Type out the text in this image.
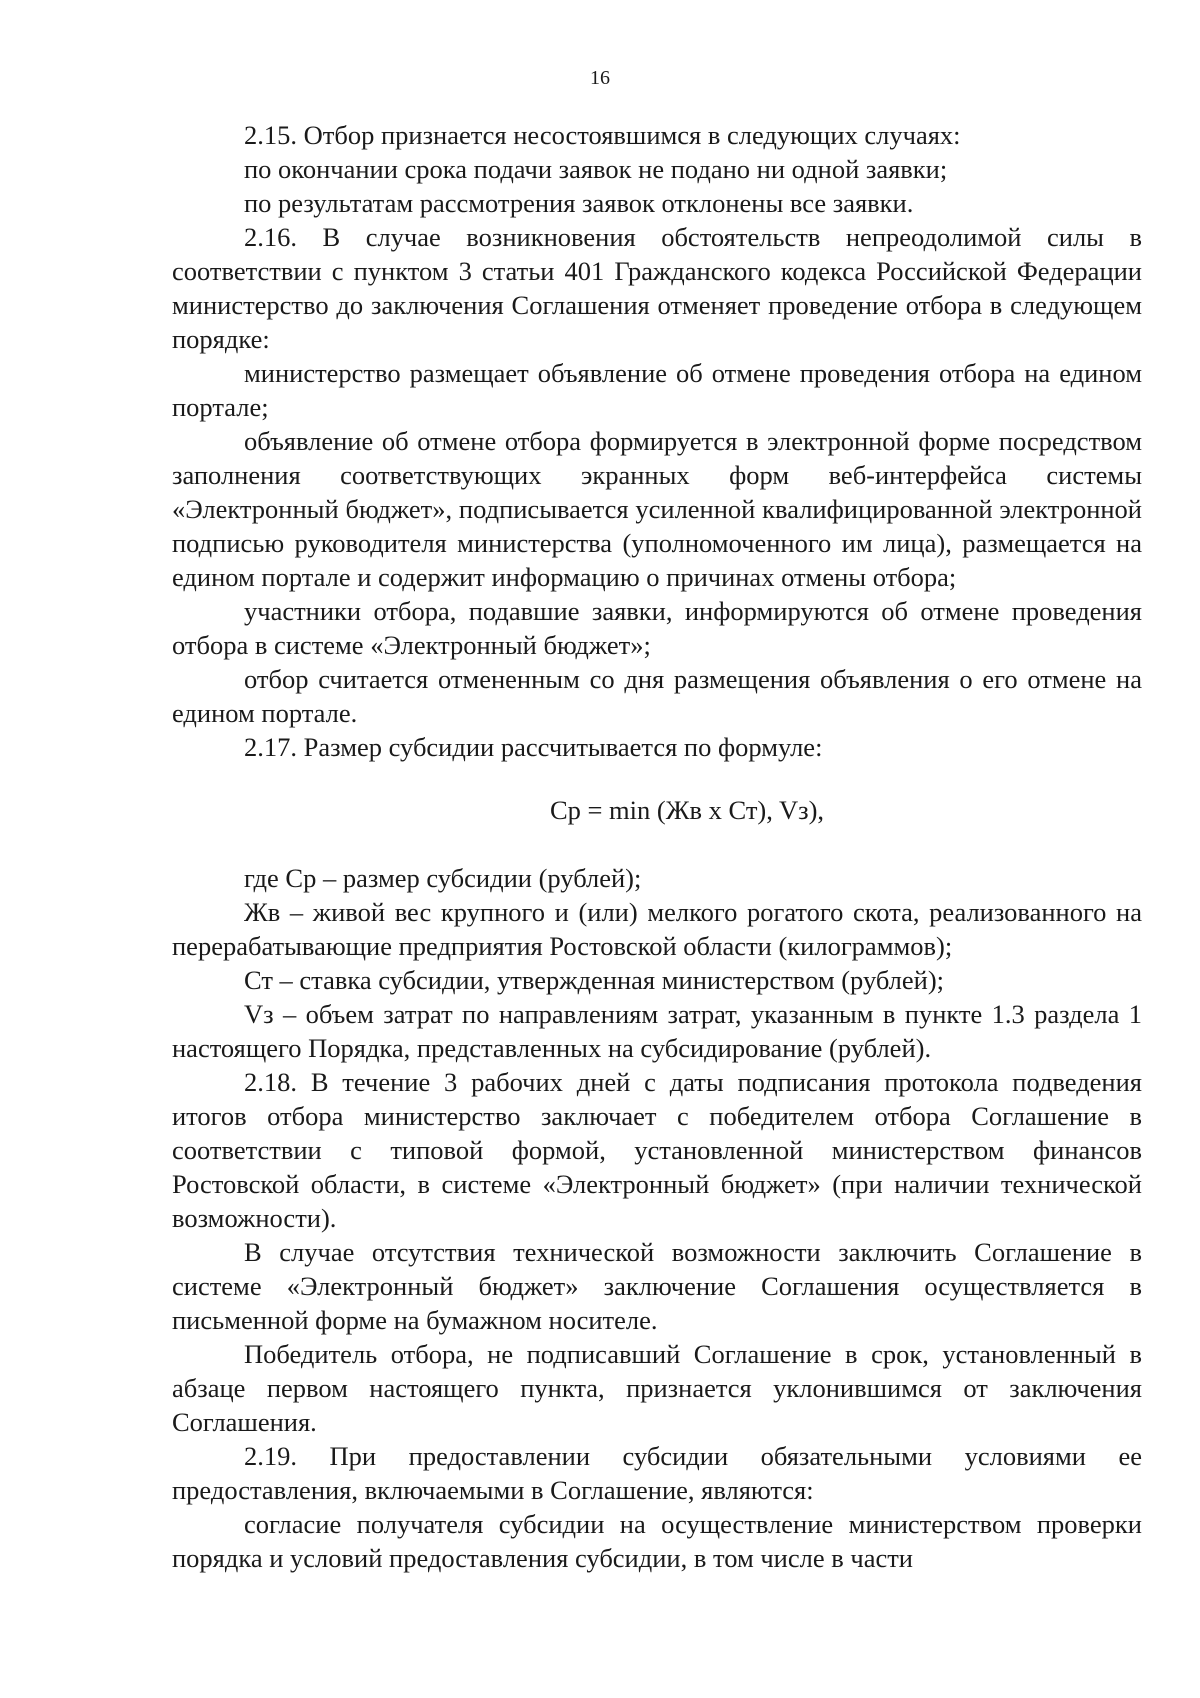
16

2.15. Отбор признается несостоявшимся в следующих случаях:

по окончании срока подачи заявок не подано ни одной заявки;

по результатам рассмотрения заявок отклонены все заявки.

2.16. В случае возникновения обстоятельств непреодолимой силы в соответствии с пунктом 3 статьи 401 Гражданского кодекса Российской Федерации министерство до заключения Соглашения отменяет проведение отбора в следующем порядке:

министерство размещает объявление об отмене проведения отбора на едином портале;

объявление об отмене отбора формируется в электронной форме посредством заполнения соответствующих экранных форм веб-интерфейса системы «Электронный бюджет», подписывается усиленной квалифицированной электронной подписью руководителя министерства (уполномоченного им лица), размещается на едином портале и содержит информацию о причинах отмены отбора;

участники отбора, подавшие заявки, информируются об отмене проведения отбора в системе «Электронный бюджет»;

отбор считается отмененным со дня размещения объявления о его отмене на едином портале.

2.17. Размер субсидии рассчитывается по формуле:

Ср = min (Жв x Ст), Vз),

где Ср – размер субсидии (рублей);

Жв – живой вес крупного и (или) мелкого рогатого скота, реализованного на перерабатывающие предприятия Ростовской области (килограммов);

Ст – ставка субсидии, утвержденная министерством (рублей);

Vз – объем затрат по направлениям затрат, указанным в пункте 1.3 раздела 1 настоящего Порядка, представленных на субсидирование (рублей).

2.18. В течение 3 рабочих дней с даты подписания протокола подведения итогов отбора министерство заключает с победителем отбора Соглашение в соответствии с типовой формой, установленной министерством финансов Ростовской области, в системе «Электронный бюджет» (при наличии технической возможности).

В случае отсутствия технической возможности заключить Соглашение в системе «Электронный бюджет» заключение Соглашения осуществляется в письменной форме на бумажном носителе.

Победитель отбора, не подписавший Соглашение в срок, установленный в абзаце первом настоящего пункта, признается уклонившимся от заключения Соглашения.

2.19. При предоставлении субсидии обязательными условиями ее предоставления, включаемыми в Соглашение, являются:

согласие получателя субсидии на осуществление министерством проверки порядка и условий предоставления субсидии, в том числе в части
